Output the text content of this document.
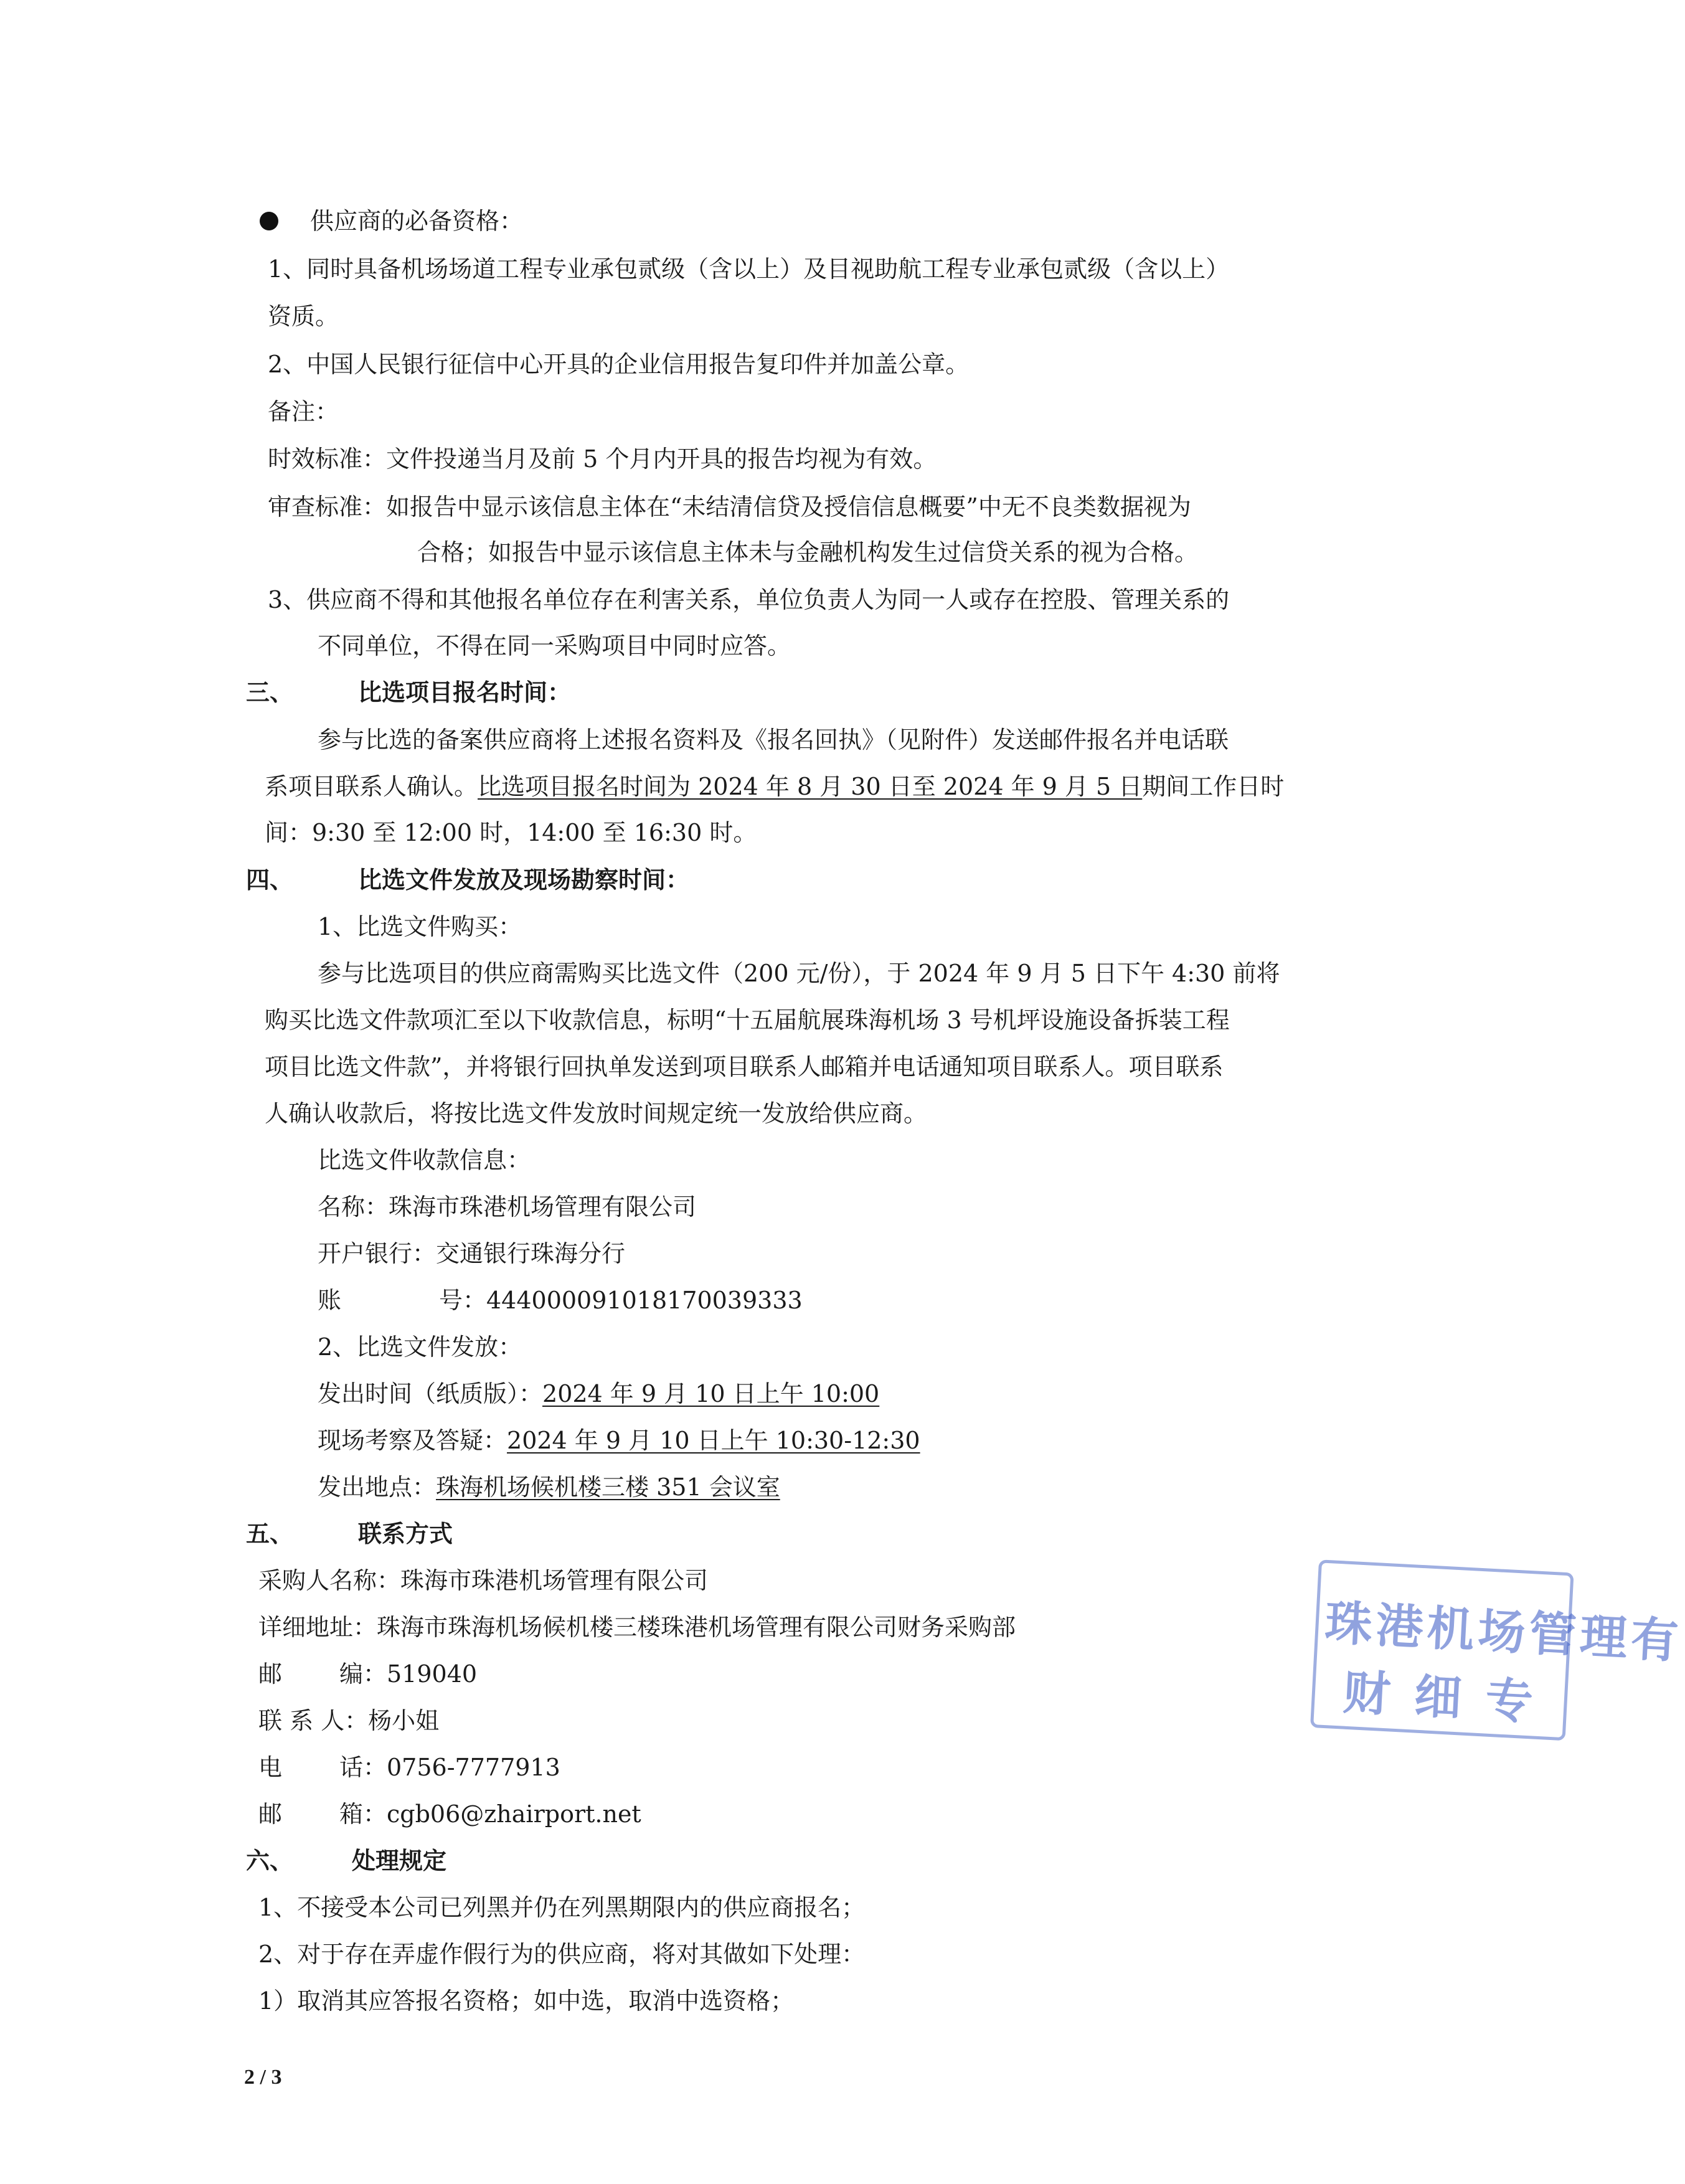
供应商的必备资格：
1、同时具备机场场道工程专业承包贰级（含以上）及目视助航工程专业承包贰级（含以上）
资质。
2、中国人民银行征信中心开具的企业信用报告复印件并加盖公章。
备注：
时效标准：文件投递当月及前 5 个月内开具的报告均视为有效。
审查标准：如报告中显示该信息主体在“未结清信贷及授信信息概要”中无不良类数据视为
合格；如报告中显示该信息主体未与金融机构发生过信贷关系的视为合格。
3、供应商不得和其他报名单位存在利害关系，单位负责人为同一人或存在控股、管理关系的
不同单位，不得在同一采购项目中同时应答。
三、	比选项目报名时间：
参与比选的备案供应商将上述报名资料及《报名回执》（见附件）发送邮件报名并电话联
系项目联系人确认。比选项目报名时间为 2024 年 8 月 30 日至 2024 年 9 月 5 日期间工作日时
间：9:30 至 12:00 时，14:00 至 16:30 时。
四、	比选文件发放及现场勘察时间：
1、比选文件购买：
参与比选项目的供应商需购买比选文件（200 元/份），于 2024 年 9 月 5 日下午 4:30 前将
购买比选文件款项汇至以下收款信息，标明“十五届航展珠海机场 3 号机坪设施设备拆装工程
项目比选文件款”，并将银行回执单发送到项目联系人邮箱并电话通知项目联系人。项目联系
人确认收款后，将按比选文件发放时间规定统一发放给供应商。
比选文件收款信息：
名称：珠海市珠港机场管理有限公司
开户银行：交通银行珠海分行
账	号：444000091018170039333
2、比选文件发放：
发出时间（纸质版）：2024 年 9 月 10 日上午 10:00
现场考察及答疑：2024 年 9 月 10 日上午 10:30-12:30
发出地点：珠海机场候机楼三楼 351 会议室
五、	联系方式
采购人名称：珠海市珠港机场管理有限公司
详细地址：珠海市珠海机场候机楼三楼珠港机场管理有限公司财务采购部
邮 编：519040
联 系 人：杨小姐
电 话：0756-7777913
邮 箱：cgb06@zhairport.net
六、 处理规定
1、不接受本公司已列黑并仍在列黑期限内的供应商报名；
2、对于存在弄虚作假行为的供应商，将对其做如下处理：
1）取消其应答报名资格；如中选，取消中选资格；
2 / 3
珠港机场管理有
财 细 专
